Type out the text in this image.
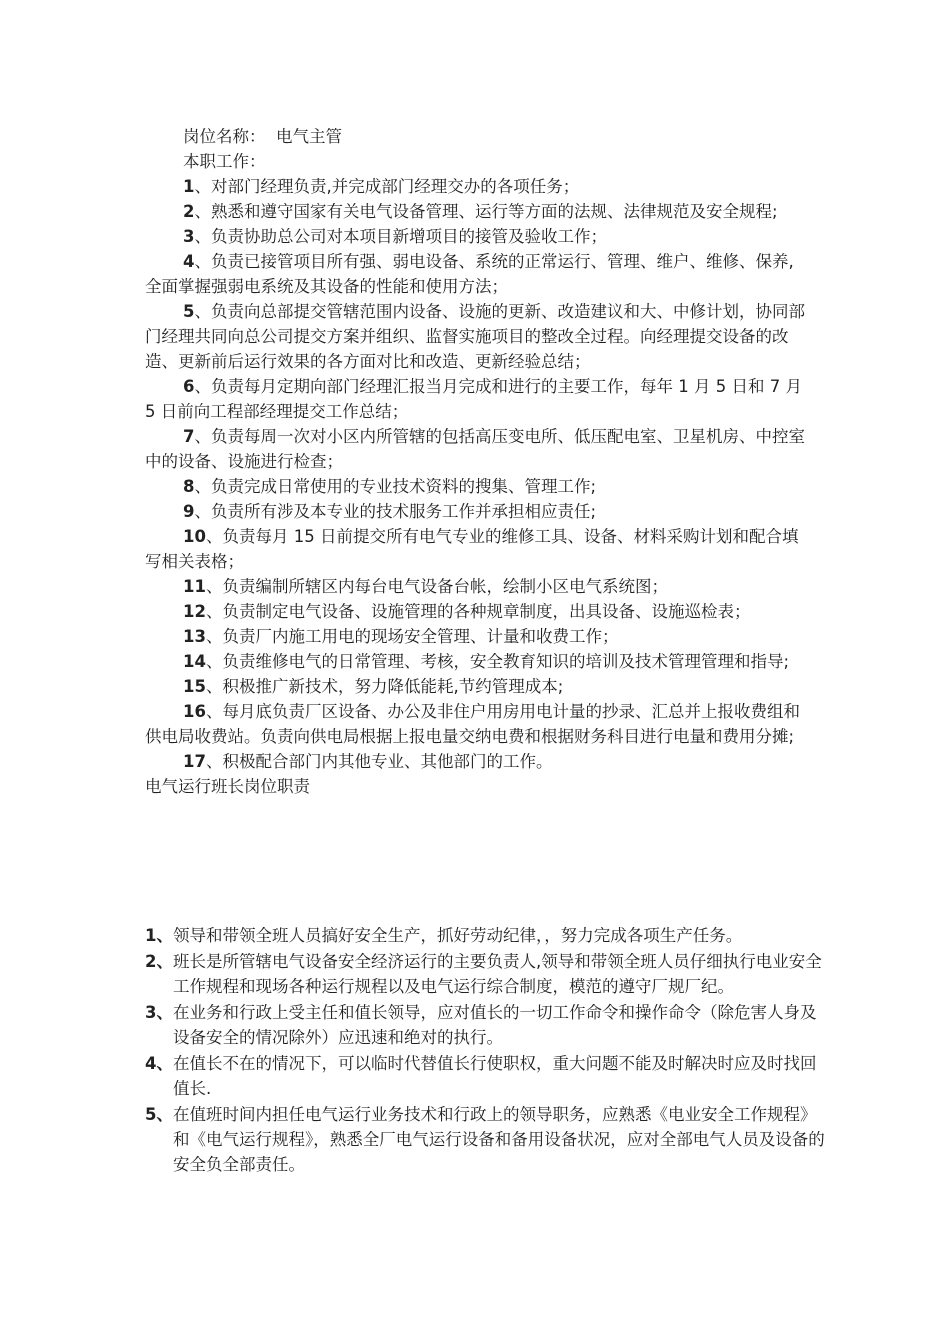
岗位名称： 电气主管

本职工作：

1、对部门经理负责,并完成部门经理交办的各项任务；

2、熟悉和遵守国家有关电气设备管理、运行等方面的法规、法律规范及安全规程;

3、负责协助总公司对本项目新增项目的接管及验收工作；

4、负责已接管项目所有强、弱电设备、系统的正常运行、管理、维户、维修、保养,全面掌握强弱电系统及其设备的性能和使用方法；

5、负责向总部提交管辖范围内设备、设施的更新、改造建议和大、中修计划，协同部门经理共同向总公司提交方案并组织、监督实施项目的整改全过程。向经理提交设备的改造、更新前后运行效果的各方面对比和改造、更新经验总结；

6、负责每月定期向部门经理汇报当月完成和进行的主要工作，每年 1 月 5 日和 7 月 5 日前向工程部经理提交工作总结；

7、负责每周一次对小区内所管辖的包括高压变电所、低压配电室、卫星机房、中控室中的设备、设施进行检查；

8、负责完成日常使用的专业技术资料的搜集、管理工作;

9、负责所有涉及本专业的技术服务工作并承担相应责任;

10、负责每月 15 日前提交所有电气专业的维修工具、设备、材料采购计划和配合填写相关表格；

11、负责编制所辖区内每台电气设备台帐，绘制小区电气系统图；

12、负责制定电气设备、设施管理的各种规章制度，出具设备、设施巡检表；

13、负责厂内施工用电的现场安全管理、计量和收费工作；

14、负责维修电气的日常管理、考核，安全教育知识的培训及技术管理管理和指导;

15、积极推广新技术，努力降低能耗,节约管理成本;

16、每月底负责厂区设备、办公及非住户用房用电计量的抄录、汇总并上报收费组和供电局收费站。负责向供电局根据上报电量交纳电费和根据财务科目进行电量和费用分摊;

17、积极配合部门内其他专业、其他部门的工作。

电气运行班长岗位职责

1、 领导和带领全班人员搞好安全生产，抓好劳动纪律，，努力完成各项生产任务。
2、 班长是所管辖电气设备安全经济运行的主要负责人,领导和带领全班人员仔细执行电业安全工作规程和现场各种运行规程以及电气运行综合制度，模范的遵守厂规厂纪。
3、 在业务和行政上受主任和值长领导，应对值长的一切工作命令和操作命令（除危害人身及设备安全的情况除外）应迅速和绝对的执行。
4、 在值长不在的情况下，可以临时代替值长行使职权，重大问题不能及时解决时应及时找回值长.
5、 在值班时间内担任电气运行业务技术和行政上的领导职务，应熟悉《电业安全工作规程》和《电气运行规程》，熟悉全厂电气运行设备和备用设备状况，应对全部电气人员及设备的安全负全部责任。
